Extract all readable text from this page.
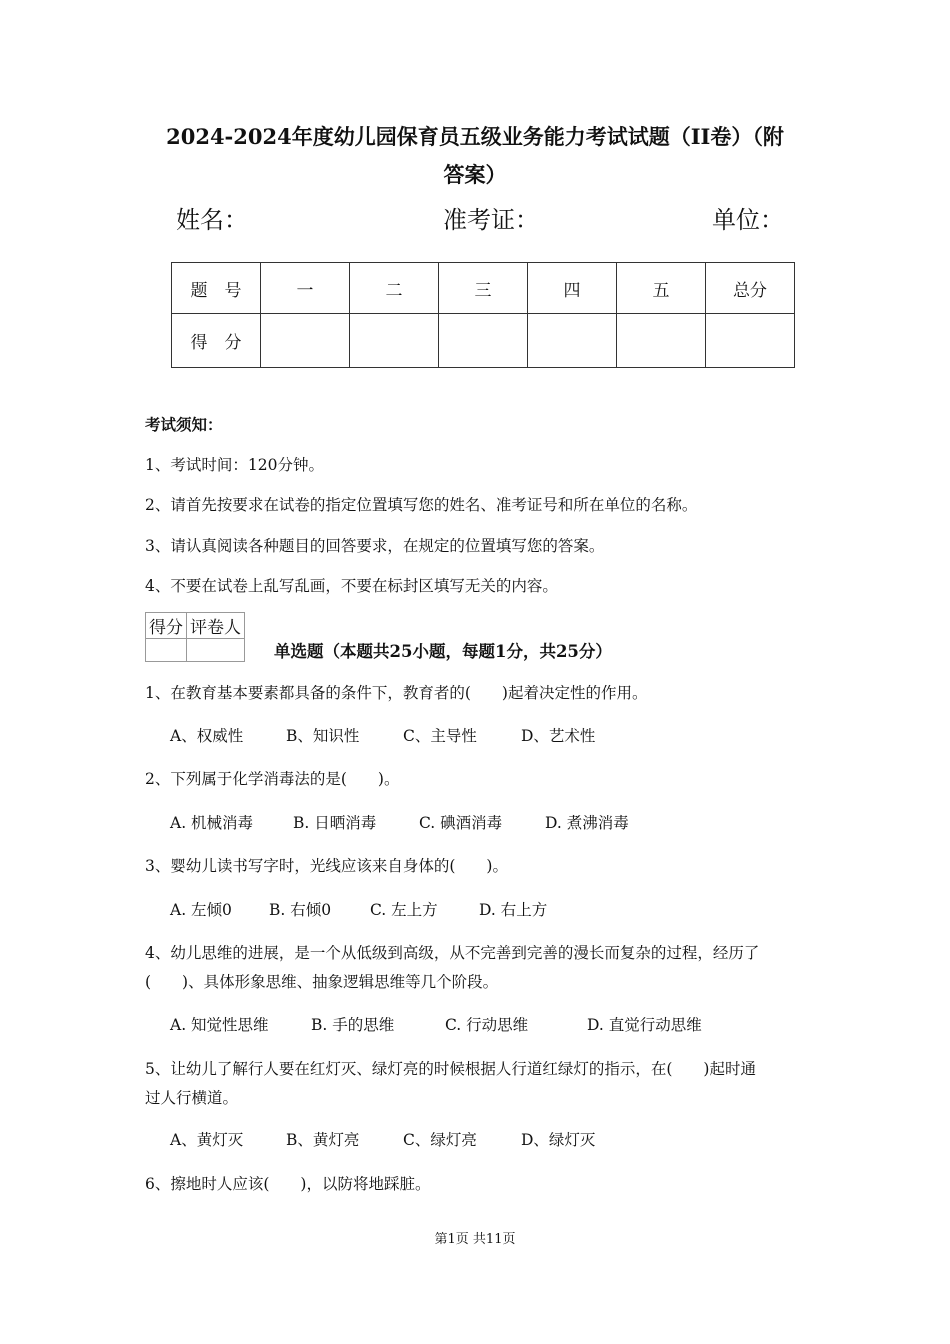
2024-2024年度幼儿园保育员五级业务能力考试试题（II卷）（附
答案）
姓名：	准考证：	单位：
题　号	一	二	三	四	五	总分
得　分						
考试须知：
1、考试时间：120分钟。
2、请首先按要求在试卷的指定位置填写您的姓名、准考证号和所在单位的名称。
3、请认真阅读各种题目的回答要求，在规定的位置填写您的答案。
4、不要在试卷上乱写乱画，不要在标封区填写无关的内容。
得分	评卷人

单选题（本题共25小题，每题1分，共25分）
1、在教育基本要素都具备的条件下，教育者的(　　)起着决定性的作用。
A、权威性	B、知识性	C、主导性	D、艺术性
2、下列属于化学消毒法的是(　　)。
A. 机械消毒	B. 日晒消毒	C. 碘酒消毒	D. 煮沸消毒
3、婴幼儿读书写字时，光线应该来自身体的(　　)。
A. 左倾0 B. 右倾0	C. 左上方	D. 右上方
4、幼儿思维的进展，是一个从低级到高级，从不完善到完善的漫长而复杂的过程，经历了
(　　)、具体形象思维、抽象逻辑思维等几个阶段。
A. 知觉性思维	B. 手的思维	C. 行动思维	D. 直觉行动思维
5、让幼儿了解行人要在红灯灭、绿灯亮的时候根据人行道红绿灯的指示，在(　　)起时通
过人行横道。
A、黄灯灭	B、黄灯亮	C、绿灯亮	D、绿灯灭
6、擦地时人应该(　　)，以防将地踩脏。
第1页 共11页
